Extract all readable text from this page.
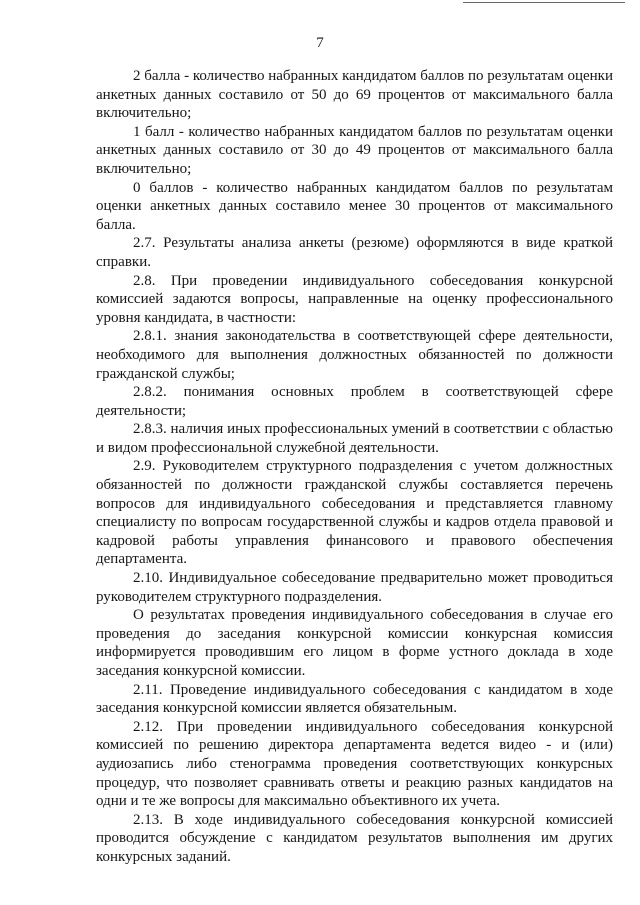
7

2 балла - количество набранных кандидатом баллов по результатам оценки анкетных данных составило от 50 до 69 процентов от максимального балла включительно;

1 балл - количество набранных кандидатом баллов по результатам оценки анкетных данных составило от 30 до 49 процентов от максимального балла включительно;

0 баллов - количество набранных кандидатом баллов по результатам оценки анкетных данных составило менее 30 процентов от максимального балла.

2.7. Результаты анализа анкеты (резюме) оформляются в виде краткой справки.

2.8. При проведении индивидуального собеседования конкурсной комиссией задаются вопросы, направленные на оценку профессионального уровня кандидата, в частности:

2.8.1. знания законодательства в соответствующей сфере деятельности, необходимого для выполнения должностных обязанностей по должности гражданской службы;

2.8.2. понимания основных проблем в соответствующей сфере деятельности;

2.8.3. наличия иных профессиональных умений в соответствии с областью и видом профессиональной служебной деятельности.

2.9. Руководителем структурного подразделения с учетом должностных обязанностей по должности гражданской службы составляется перечень вопросов для индивидуального собеседования и представляется главному специалисту по вопросам государственной службы и кадров отдела правовой и кадровой работы управления финансового и правового обеспечения департамента.

2.10. Индивидуальное собеседование предварительно может проводиться руководителем структурного подразделения.

О результатах проведения индивидуального собеседования в случае его проведения до заседания конкурсной комиссии конкурсная комиссия информируется проводившим его лицом в форме устного доклада в ходе заседания конкурсной комиссии.

2.11. Проведение индивидуального собеседования с кандидатом в ходе заседания конкурсной комиссии является обязательным.

2.12. При проведении индивидуального собеседования конкурсной комиссией по решению директора департамента ведется видео - и (или) аудиозапись либо стенограмма проведения соответствующих конкурсных процедур, что позволяет сравнивать ответы и реакцию разных кандидатов на одни и те же вопросы для максимально объективного их учета.

2.13. В ходе индивидуального собеседования конкурсной комиссией проводится обсуждение с кандидатом результатов выполнения им других конкурсных заданий.
